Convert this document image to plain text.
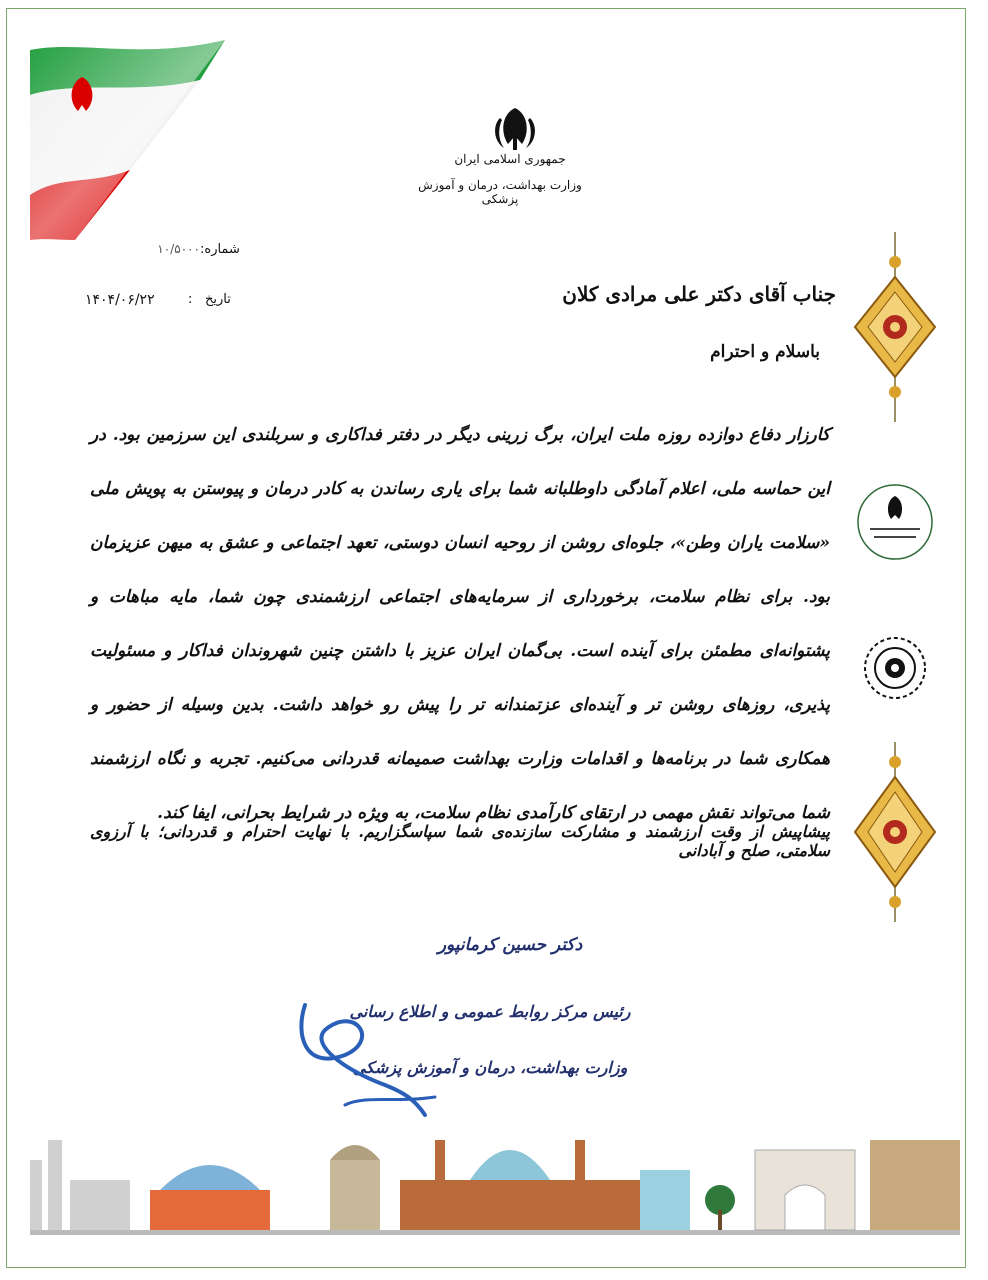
جمهوری اسلامی ایران
وزارت بهداشت، درمان و آموزش پزشکی
شماره:
۱۰/۵۰۰۰
تاریخ
:
۱۴۰۴/۰۶/۲۲	جناب آقای دکتر علی مرادی کلان
باسلام و احترام
کارزار دفاع دوازده روزه ملت ایران، برگ زرینی دیگر در دفتر فداکاری و سربلندی این سرزمین بود. در این حماسه ملی، اعلام آمادگی داوطلبانه شما برای یاری رساندن به کادر درمان و پیوستن به پویش ملی «سلامت یاران وطن»، جلوه‌ای روشن از روحیه انسان دوستی، تعهد اجتماعی و عشق به میهن عزیزمان بود. برای نظام سلامت، برخورداری از سرمایه‌های اجتماعی ارزشمندی چون شما، مایه مباهات و پشتوانه‌ای مطمئن برای آینده است. بی‌گمان ایران عزیز با داشتن چنین شهروندان فداکار و مسئولیت پذیری، روزهای روشن تر و آینده‌ای عزتمندانه تر را پیش رو خواهد داشت. بدین وسیله از حضور و همکاری شما در برنامه‌ها و اقدامات وزارت بهداشت صمیمانه قدردانی می‌کنیم. تجربه و نگاه ارزشمند شما می‌تواند نقش مهمی در ارتقای کارآمدی نظام سلامت، به ویژه در شرایط بحرانی، ایفا کند.
پیشاپیش از وقت ارزشمند و مشارکت سازنده‌ی شما سپاسگزاریم. با نهایت احترام و قدردانی؛ با آرزوی سلامتی، صلح و آبادانی
دکتر حسین کرمانپور
رئیس مرکز روابط عمومی و اطلاع رسانی
وزارت بهداشت، درمان و آموزش پزشکی
